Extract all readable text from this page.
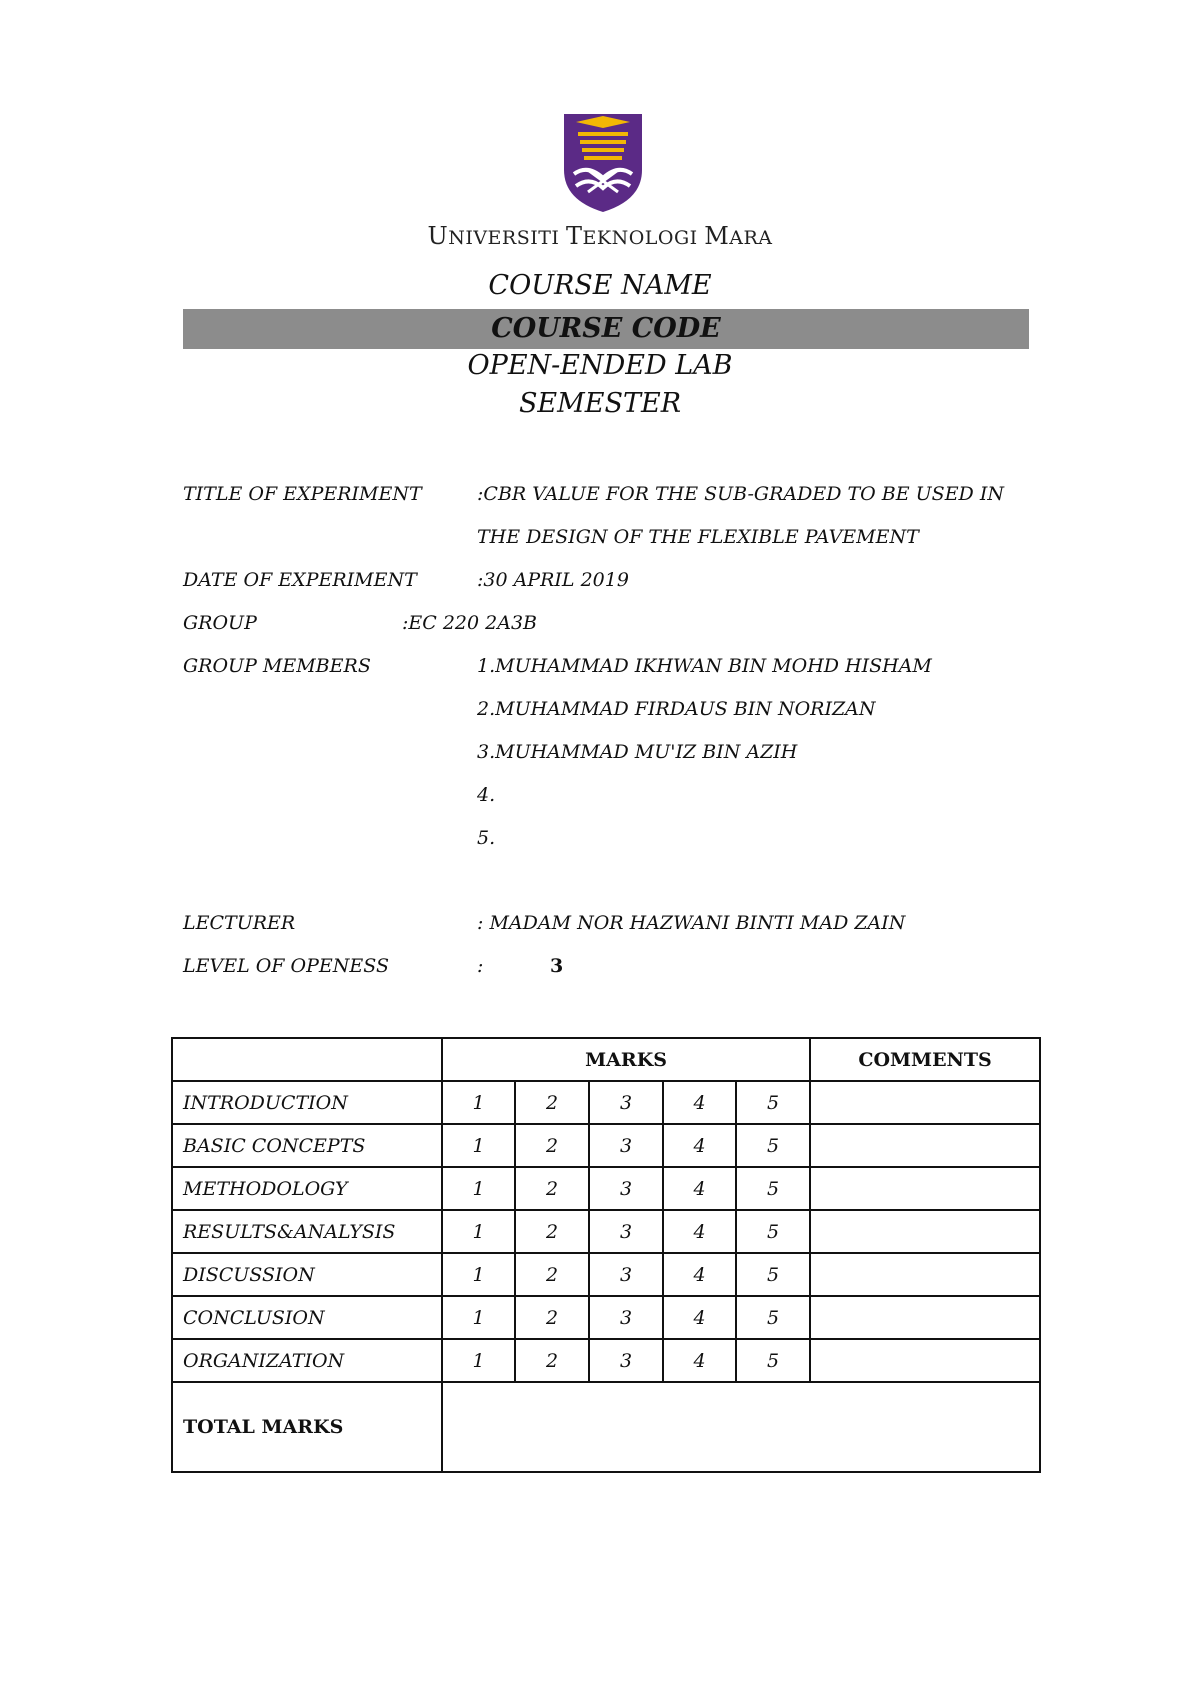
UNIVERSITI TEKNOLOGI MARA
COURSE NAME
COURSE CODE
OPEN-ENDED LAB
SEMESTER
TITLE OF EXPERIMENT	:CBR VALUE FOR THE SUB-GRADED TO BE USED IN
THE DESIGN OF THE FLEXIBLE PAVEMENT
DATE OF EXPERIMENT	:30 APRIL 2019
GROUP	:EC 220 2A3B
GROUP MEMBERS	1.MUHAMMAD IKHWAN BIN MOHD HISHAM
2.MUHAMMAD FIRDAUS BIN NORIZAN
3.MUHAMMAD MU'IZ BIN AZIH
4.
5.
LECTURER	: MADAM NOR HAZWANI BINTI MAD ZAIN
LEVEL OF OPENESS	:	3
	MARKS					COMMENTS
INTRODUCTION	1	2	3	4	5	
BASIC CONCEPTS	1	2	3	4	5	
METHODOLOGY	1	2	3	4	5	
RESULTS&ANALYSIS	1	2	3	4	5	
DISCUSSION	1	2	3	4	5	
CONCLUSION	1	2	3	4	5	
ORGANIZATION	1	2	3	4	5	
TOTAL MARKS						
